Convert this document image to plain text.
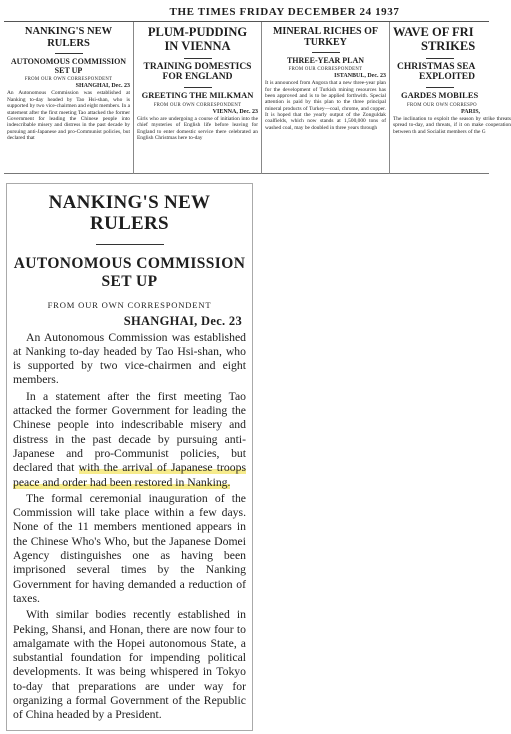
THE TIMES FRIDAY DECEMBER 24 1937
NANKING'S NEW
RULERS
AUTONOMOUS COMMISSION
SET UP
FROM OUR OWN CORRESPONDENT
SHANGHAI, Dec. 23
An Autonomous Commission was established at Nanking to-day headed by Tao Hsi-shan, who is supported by two vice-chairmen and eight members. In a statement after the first meeting Tao attacked the former Government for leading the Chinese people into indescribable misery and distress in the past decade by pursuing anti-Japanese and pro-Communist policies, but declared that
PLUM-PUDDING
IN VIENNA
TRAINING DOMESTICS
FOR ENGLAND
GREETING THE MILKMAN
FROM OUR OWN CORRESPONDENT
VIENNA, Dec. 23
Girls who are undergoing a course of initiation into the chief mysteries of English life before leaving for England to enter domestic service there celebrated an English Christmas here to-day
MINERAL RICHES OF
TURKEY
THREE-YEAR PLAN
FROM OUR CORRESPONDENT
ISTANBUL, Dec. 23
It is announced from Angora that a new three-year plan for the development of Turkish mining resources has been approved and is to be applied forthwith. Special attention is paid by this plan to the three principal mineral products of Turkey—coal, chrome, and copper. It is hoped that the yearly output of the Zonguldak coalfields, which now stands at 1,500,000 tons of washed coal, may be doubled in three years through
WAVE OF FRI
STRIKES
CHRISTMAS SEA
EXPLOITED
GARDES MOBILES
FROM OUR OWN CORRESPO
PARIS,
The inclination to exploit the season by strike threats spread to-day, and threats, if it on make cooperation between th and Socialist members of the G
NANKING'S NEW
RULERS
AUTONOMOUS COMMISSION
SET UP
FROM OUR OWN CORRESPONDENT
SHANGHAI, Dec. 23

An Autonomous Commission was established at Nanking to-day headed by Tao Hsi-shan, who is supported by two vice-chairmen and eight members.

In a statement after the first meeting Tao attacked the former Government for leading the Chinese people into indescribable misery and distress in the past decade by pursuing anti-Japanese and pro-Communist policies, but declared that with the arrival of Japanese troops peace and order had been restored in Nanking.

The formal ceremonial inauguration of the Commission will take place within a few days. None of the 11 members mentioned appears in the Chinese Who's Who, but the Japanese Domei Agency distinguishes one as having been imprisoned several times by the Nanking Government for having demanded a reduction of taxes.

With similar bodies recently established in Peking, Shansi, and Honan, there are now four to amalgamate with the Hopei autonomous State, a substantial foundation for impending political developments. It was being whispered in Tokyo to-day that preparations are under way for organizing a formal Government of the Republic of China headed by a President.
